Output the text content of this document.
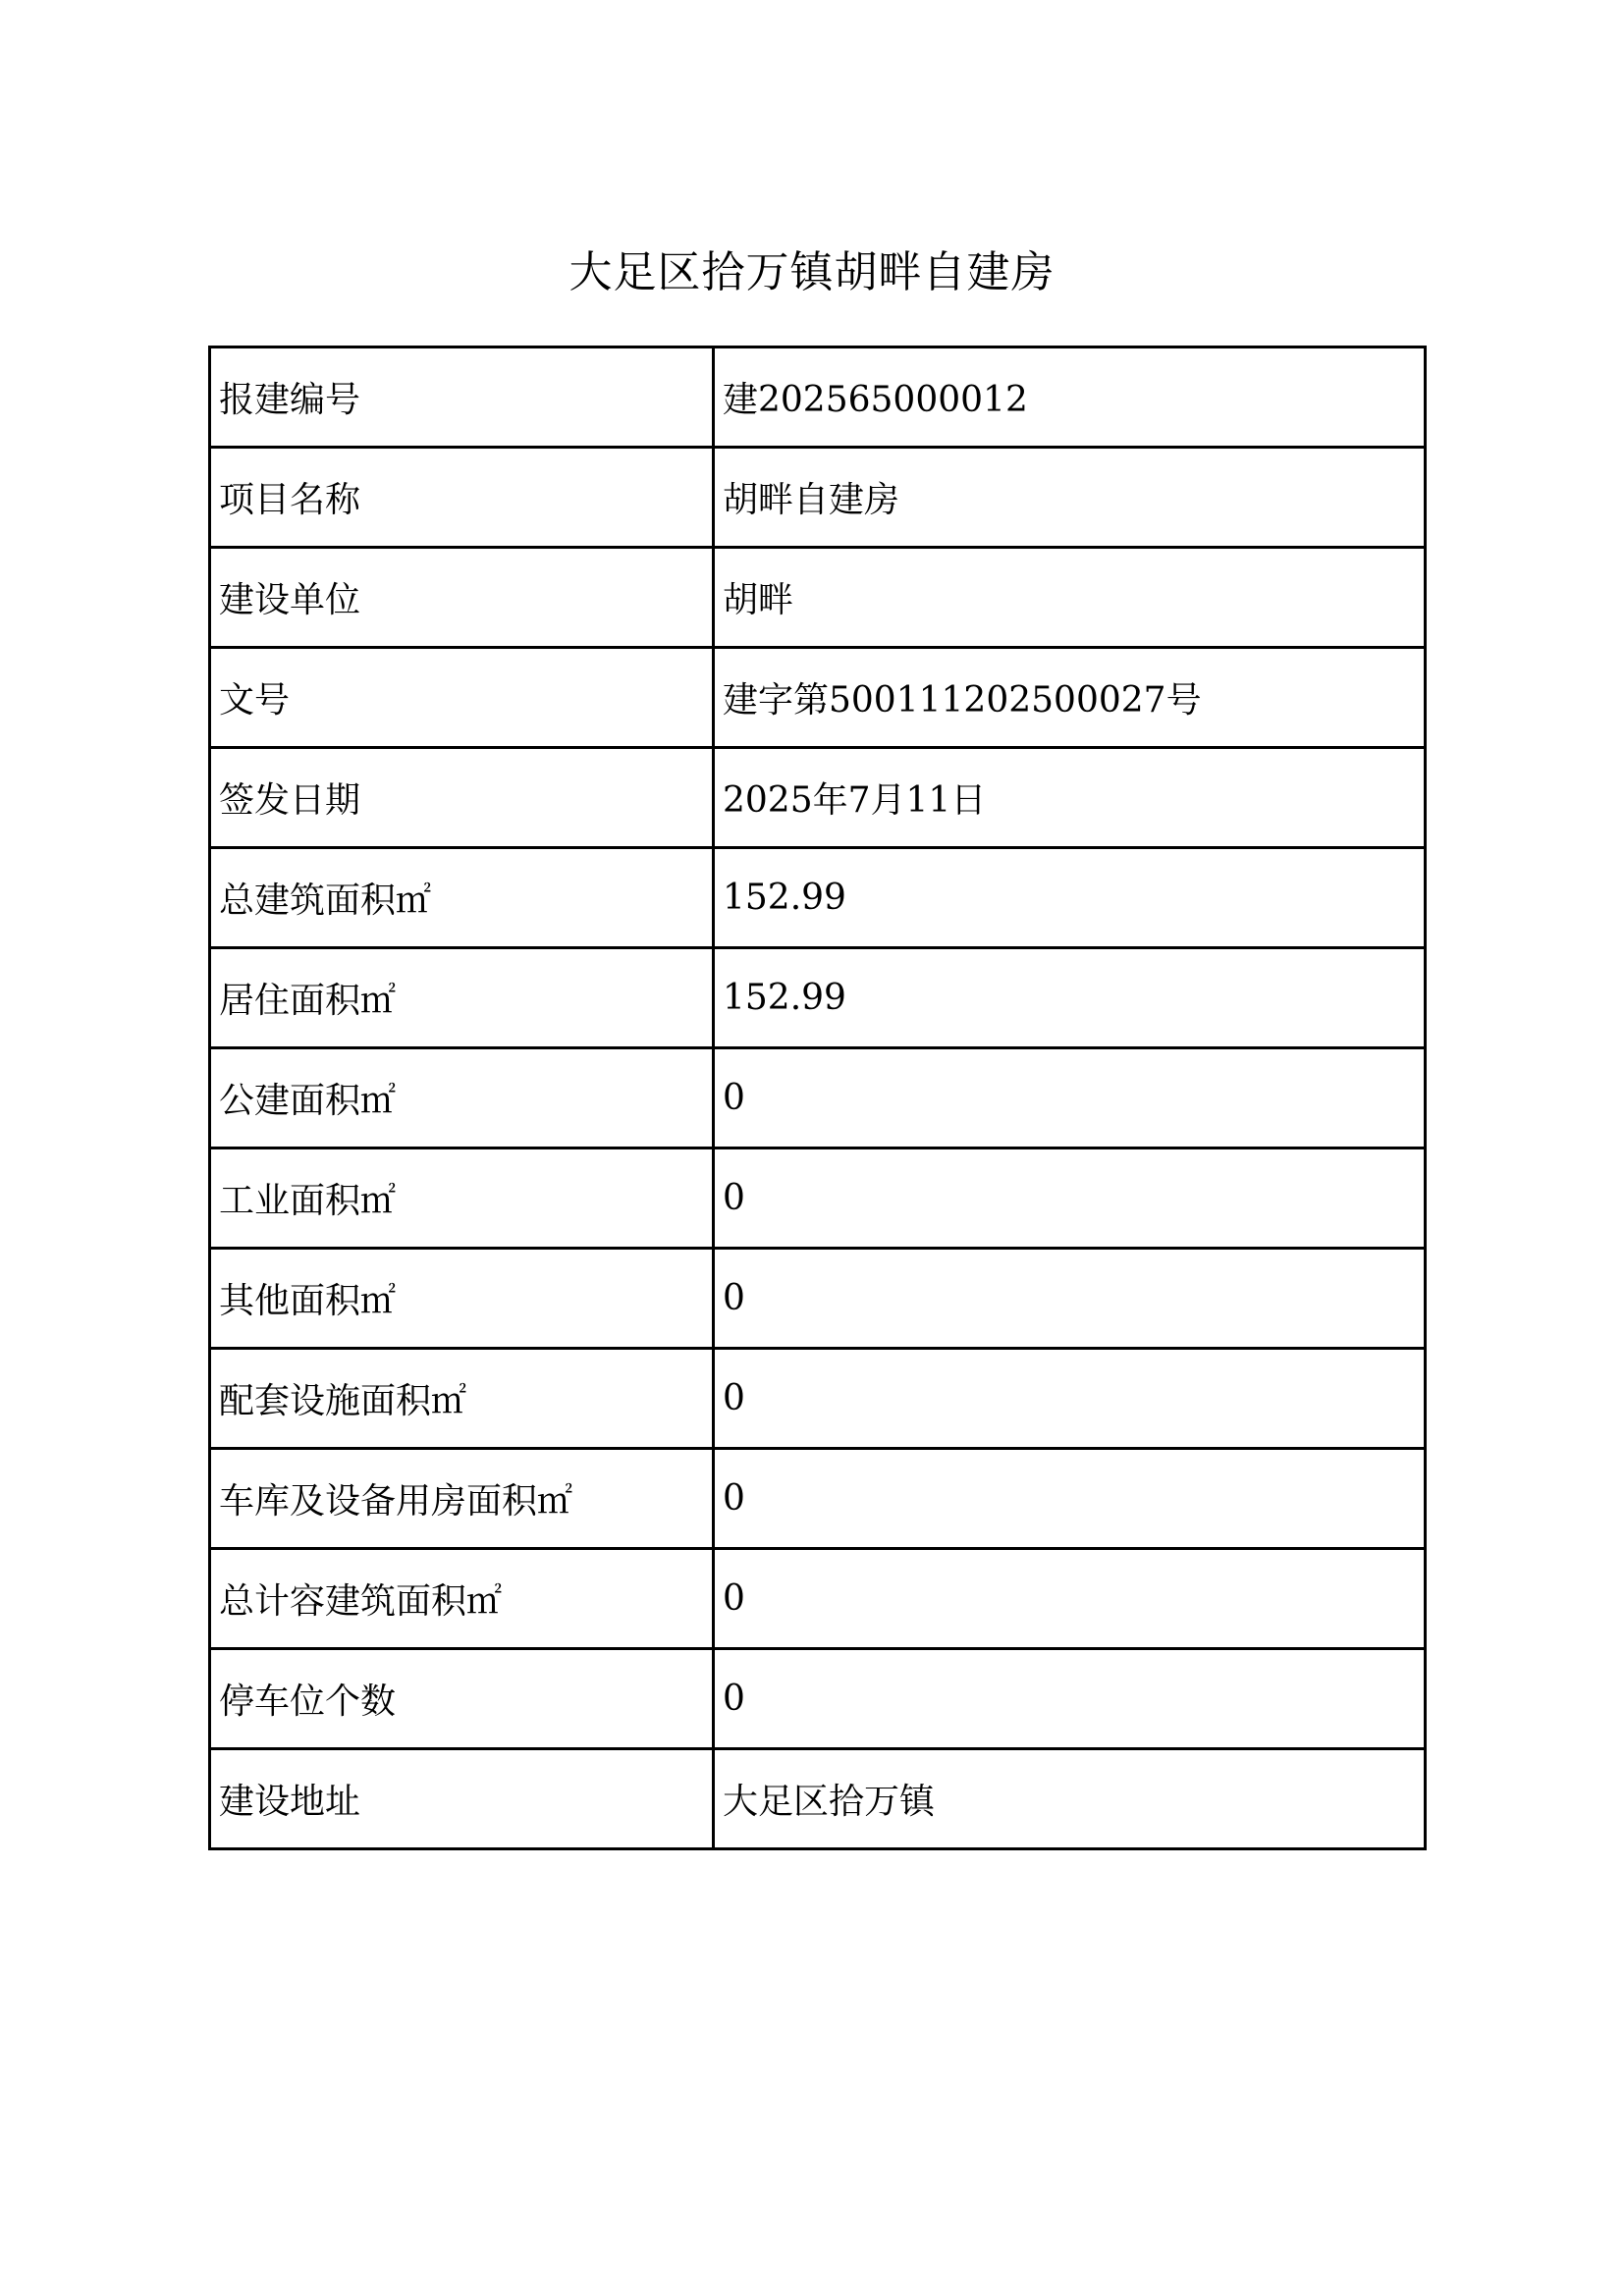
大足区拾万镇胡畔自建房
报建编号	建202565000012
项目名称	胡畔自建房
建设单位	胡畔
文号	建字第500111202500027号
签发日期	2025年7月11日
总建筑面积㎡	152.99
居住面积㎡	152.99
公建面积㎡	0
工业面积㎡	0
其他面积㎡	0
配套设施面积㎡	0
车库及设备用房面积㎡	0
总计容建筑面积㎡	0
停车位个数	0
建设地址	大足区拾万镇
